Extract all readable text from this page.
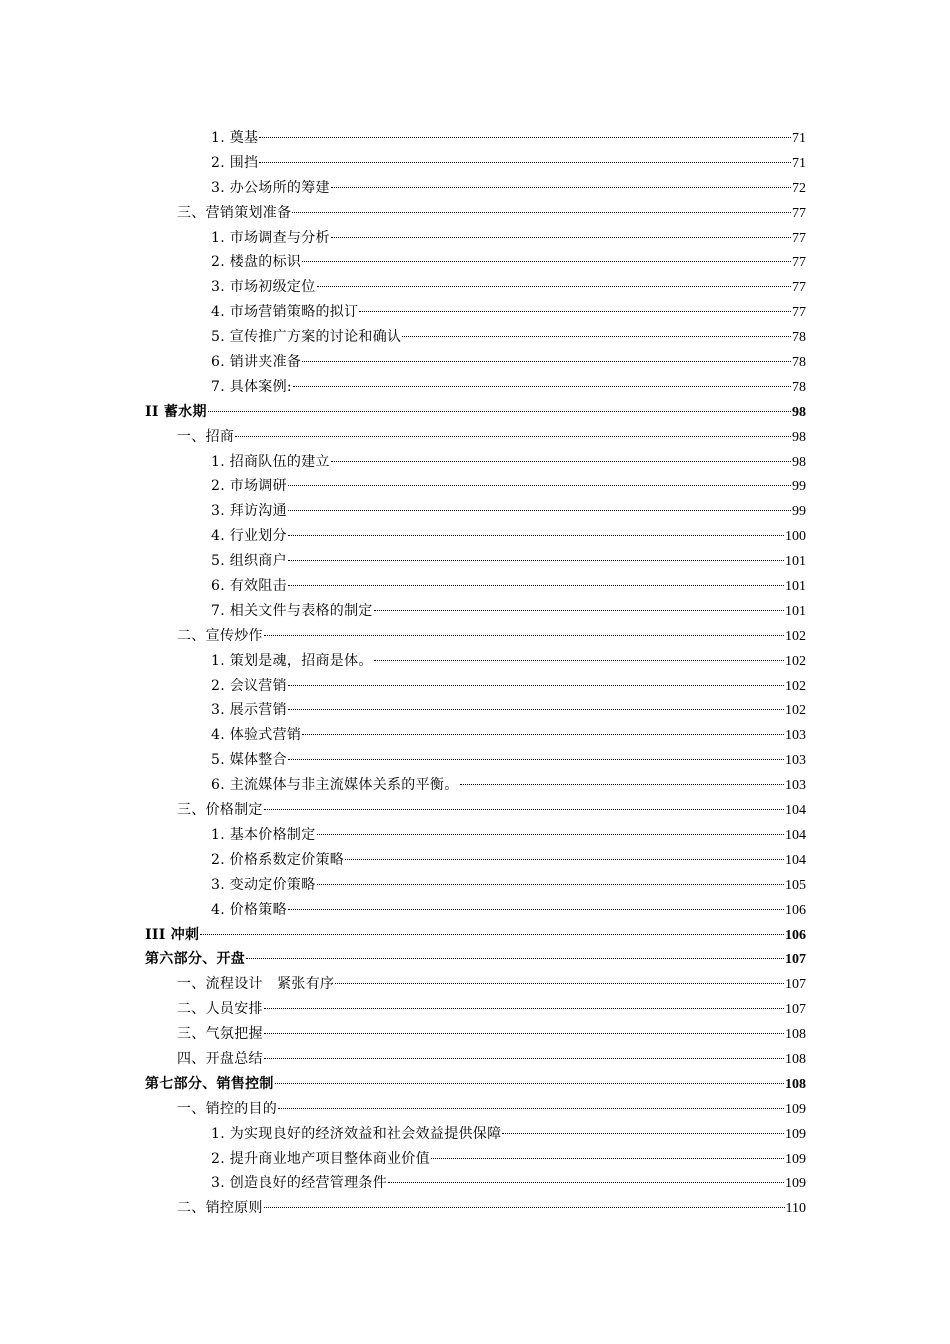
1. 奠基	71
2. 围挡	71
3. 办公场所的筹建	72
三、营销策划准备	77
1. 市场调查与分析	77
2. 楼盘的标识	77
3. 市场初级定位	77
4. 市场营销策略的拟订	77
5. 宣传推广方案的讨论和确认	78
6. 销讲夹准备	78
7. 具体案例:	78
II 蓄水期	98
一、招商	98
1. 招商队伍的建立	98
2. 市场调研	99
3. 拜访沟通	99
4. 行业划分	100
5. 组织商户	101
6. 有效阻击	101
7. 相关文件与表格的制定	101
二、宣传炒作	102
1. 策划是魂，招商是体。	102
2. 会议营销	102
3. 展示营销	102
4. 体验式营销	103
5. 媒体整合	103
6. 主流媒体与非主流媒体关系的平衡。	103
三、价格制定	104
1. 基本价格制定	104
2. 价格系数定价策略	104
3. 变动定价策略	105
4. 价格策略	106
III 冲刺	106
第六部分、开盘	107
一、流程设计　紧张有序	107
二、人员安排	107
三、气氛把握	108
四、开盘总结	108
第七部分、销售控制	108
一、销控的目的	109
1. 为实现良好的经济效益和社会效益提供保障	109
2. 提升商业地产项目整体商业价值	109
3. 创造良好的经营管理条件	109
二、销控原则	110
